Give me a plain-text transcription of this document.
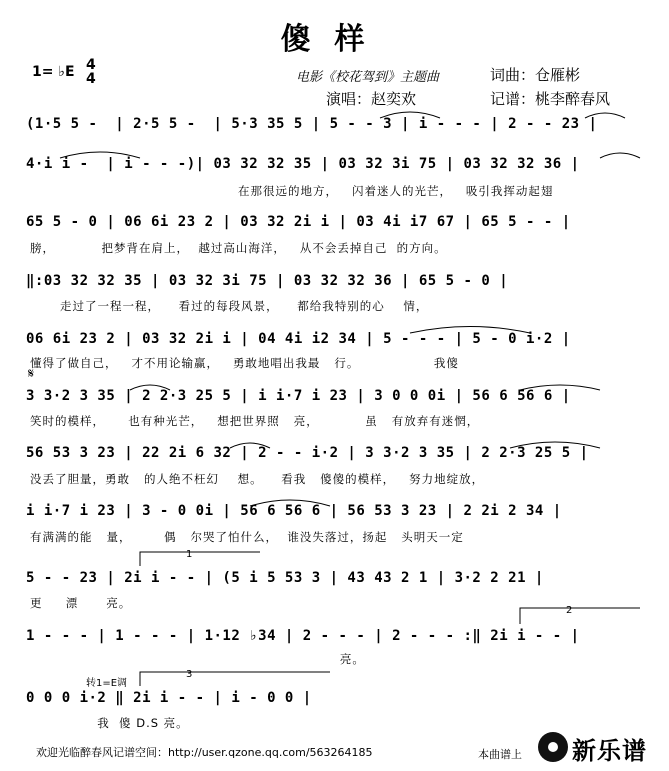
傻样
1= ♭E 4
4	电影《校花驾到》主题曲	词曲：仓雁彬
演唱：赵奕欢	记谱：桃李醉春风
(1·5 5 -  | 2·5 5 -  | 5·3 35 5 | 5 - - 3 | i - - - | 2 - - 23 |
4·i i -  | i - - -)| 03 32 32 35 | 03 32 3i 75 | 03 32 32 36 |
在那很远的地方，   闪着迷人的光芒，   吸引我挥动起翅
65 5 - 0 | 06 6i 23 2 | 03 32 2i i | 03 4i i7 67 | 65 5 - - |
膀，          把梦背在肩上，  越过高山海洋，   从不会丢掉自己  的方向。
‖:03 32 32 35 | 03 32 3i 75 | 03 32 32 36 | 65 5 - 0 |
走过了一程一程，    看过的每段风景，    都给我特别的心    情，
06 6i 23 2 | 03 32 2i i | 04 4i i2 34 | 5 - - - | 5 - 0 i·2 |
懂得了做自己，   才不用论输赢，   勇敢地唱出我最   行。                我傻
𝄋
3 3·2 3 35 | 2 2·3 25 5 | i i·7 i 23 | 3 0 0 0i | 56 6 56 6 |
笑时的模样，     也有种光芒，   想把世界照   亮，          虽   有放弃有迷惘，
56 53 3 23 | 22 2i 6 32 | 2 - - i·2 | 3 3·2 3 35 | 2 2·3 25 5 |
没丢了胆量，勇敢   的人绝不枉幻    想。    看我   傻傻的模样，   努力地绽放，
i i·7 i 23 | 3 - 0 0i | 56 6 56 6 | 56 53 3 23 | 2 2i 2 34 |
有满满的能   量，       偶   尔哭了怕什么，  谁没失落过，扬起   头明天一定
1
5 - - 23 | 2i i - - | (5 i 5 53 3 | 43 43 2 1 | 3·2 2 21 |
更     漂      亮。
2
1 - - - | 1 - - - | 1·12 ♭34 | 2 - - - | 2 - - - :‖ 2i i - - |
亮。
转1=E调
3
0 0 0 i·2 ‖ 2i i - - | i - 0 0 |
我  傻 D.S 亮。
欢迎光临醉春风记谱空间：http://user.qzone.qq.com/563264185	本曲谱上 新乐谱
